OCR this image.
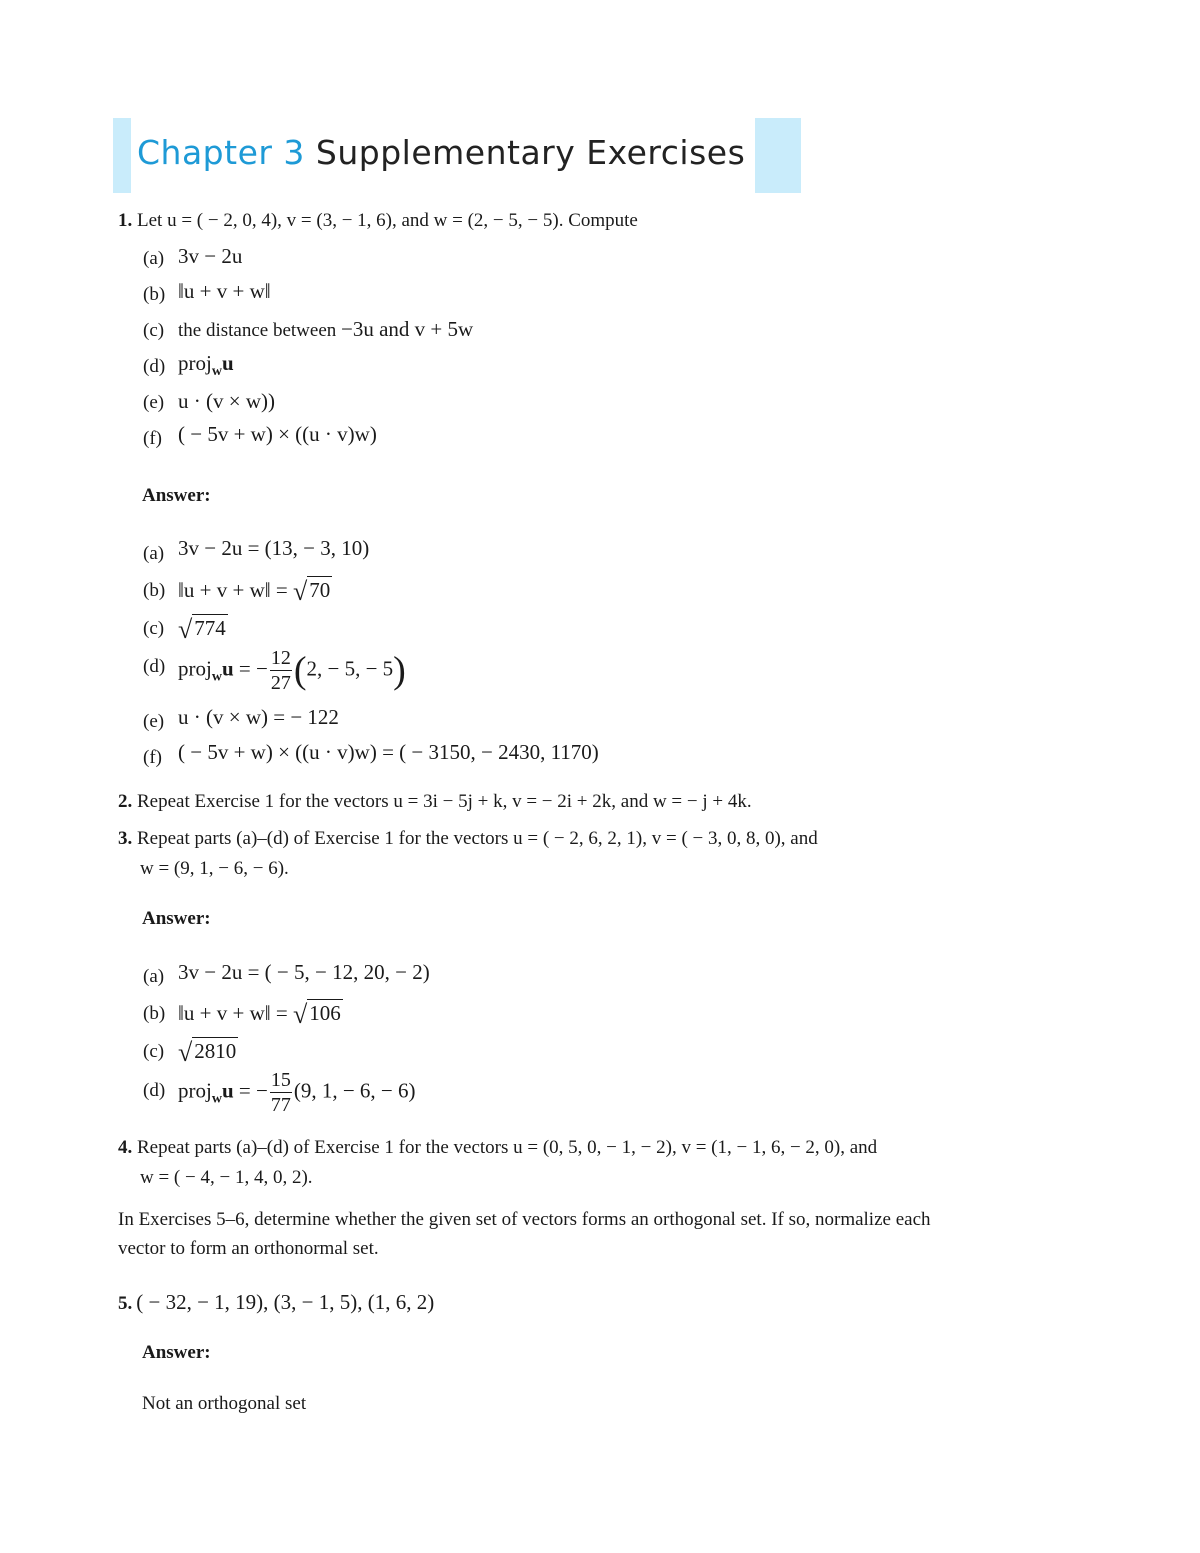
Chapter 3 Supplementary Exercises
1. Let u = ( − 2, 0, 4), v = (3, − 1, 6), and w = (2, − 5, − 5). Compute
(a) 3v − 2u
(b) ‖u + v + w‖
(c) the distance between −3u and v + 5w
(d) proj$_w$u
(e) u · (v × w))
(f) ( − 5v + w) × ((u · v)w)
Answer:
(a) 3v − 2u = (13, − 3, 10)
(b) ‖u + v + w‖ = √70
(c) √774
(d) proj$_w$u = − $\frac{12}{27} (2$, − 5, − 5)
(e) u · (v × w) = − 122
(f) ( − 5v + w) × ((u · v)w) = ( − 3150, − 2430, 1170)
2. Repeat Exercise 1 for the vectors u = 3i − 5j + k, v = − 2i + 2k, and w = − j + 4k.
3. Repeat parts (a)–(d) of Exercise 1 for the vectors u = ( − 2, 6, 2, 1), v = ( − 3, 0, 8, 0), and
w = (9, 1, − 6, − 6).
Answer:
(a) 3v − 2u = ( − 5, − 12, 20, − 2)
(b) ‖u + v + w‖ = √106
(c) √2810
(d) proj$_w$u = − $\frac{15}{77} (9$, 1, − 6, − 6)
4. Repeat parts (a)–(d) of Exercise 1 for the vectors u = (0, 5, 0, − 1, − 2), v = (1, − 1, 6, − 2, 0), and
w = ( − 4, − 1, 4, 0, 2).
In Exercises 5–6, determine whether the given set of vectors forms an orthogonal set. If so, normalize each
vector to form an orthonormal set.
5. ( − 32, − 1, 19), (3, − 1, 5), (1, 6, 2)
Answer:
Not an orthogonal set
